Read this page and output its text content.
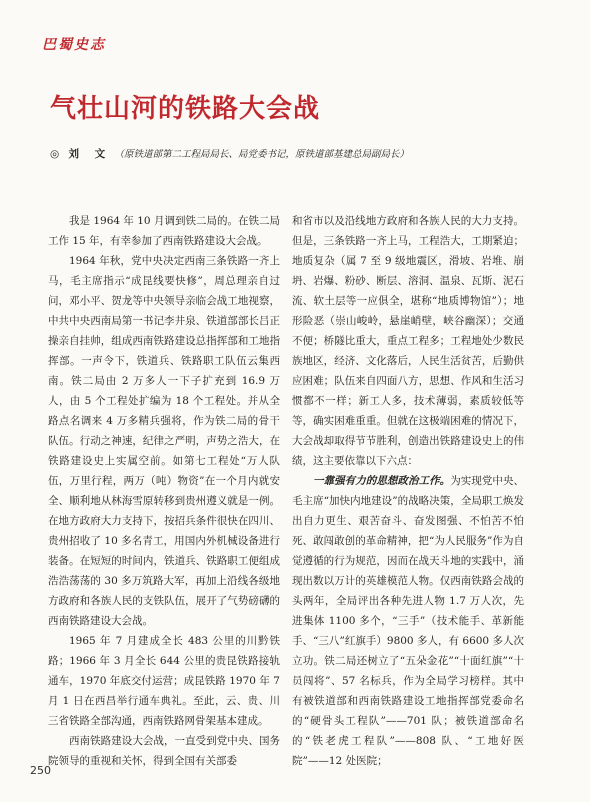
巴蜀史志
气壮山河的铁路大会战
◎ 刘 文 （原铁道部第二工程局局长、局党委书记，原铁道部基建总局副局长）

我是 1964 年 10 月调到铁二局的。在铁二局工作 15 年，有幸参加了西南铁路建设大会战。

1964 年秋，党中央决定西南三条铁路一齐上马，毛主席指示“成昆线要快修”，周总理亲自过问，邓小平、贺龙等中央领导亲临会战工地视察，中共中央西南局第一书记李井泉、铁道部部长吕正操亲自挂帅，组成西南铁路建设总指挥部和工地指挥部。一声令下，铁道兵、铁路职工队伍云集西南。铁二局由 2 万多人一下子扩充到 16.9 万人，由 5 个工程处扩编为 18 个工程处。并从全路点名调来 4 万多精兵强将，作为铁二局的骨干队伍。行动之神速，纪律之严明，声势之浩大，在铁路建设史上实属空前。如第七工程处“万人队伍，万里行程，两万（吨）物资”在一个月内就安全、顺利地从林海雪原转移到贵州遵义就是一例。在地方政府大力支持下，按招兵条件很快在四川、贵州招收了 10 多名青工，用国内外机械设备进行装备。在短短的时间内，铁道兵、铁路职工便组成浩浩荡荡的 30 多万筑路大军，再加上沿线各级地方政府和各族人民的支铁队伍，展开了气势磅礴的西南铁路建设大会战。

1965 年 7 月建成全长 483 公里的川黔铁路；1966 年 3 月全长 644 公里的贵昆铁路接轨通车，1970 年底交付运营；成昆铁路 1970 年 7 月 1 日在西昌举行通车典礼。至此，云、贵、川三省铁路全部沟通，西南铁路网骨架基本建成。

西南铁路建设大会战，一直受到党中央、国务院领导的重视和关怀，得到全国有关部委

和省市以及沿线地方政府和各族人民的大力支持。但是，三条铁路一齐上马，工程浩大，工期紧迫；地质复杂（属 7 至 9 级地震区，滑坡、岩堆、崩坍、岩爆、粉砂、断层、溶洞、温泉、瓦斯、泥石流、软土层等一应俱全，堪称“地质博物馆”）；地形险恶（崇山峻岭，悬崖峭壁，峡谷幽深）；交通不便；桥隧比重大，重点工程多；工程地处少数民族地区，经济、文化落后，人民生活贫苦，后勤供应困难；队伍来自四面八方，思想、作风和生活习惯都不一样；新工人多，技术薄弱，素质较低等等，确实困难重重。但就在这极端困难的情况下，大会战却取得节节胜利，创造出铁路建设史上的伟绩，这主要依靠以下六点：

一靠强有力的思想政治工作。为实现党中央、毛主席“加快内地建设”的战略决策，全局职工焕发出自力更生、艰苦奋斗、奋发图强、不怕苦不怕死、敢闯敢创的革命精神，把“为人民服务”作为自觉遵循的行为规范，因而在战天斗地的实践中，涌现出数以万计的英雄模范人物。仅西南铁路会战的头两年，全局评出各种先进人物 1.7 万人次，先进集体 1100 多个，“三手”（技术能手、革新能手、“三八”红旗手）9800 多人，有 6600 多人次立功。铁二局还树立了“五朵金花”“十面红旗”“十员闯将”、57 名标兵，作为全局学习榜样。其中有被铁道部和西南铁路建设工地指挥部党委命名的“硬骨头工程队”——701 队；被铁道部命名的“铁老虎工程队”——808 队、“工地好医院”——12 处医院；

250
